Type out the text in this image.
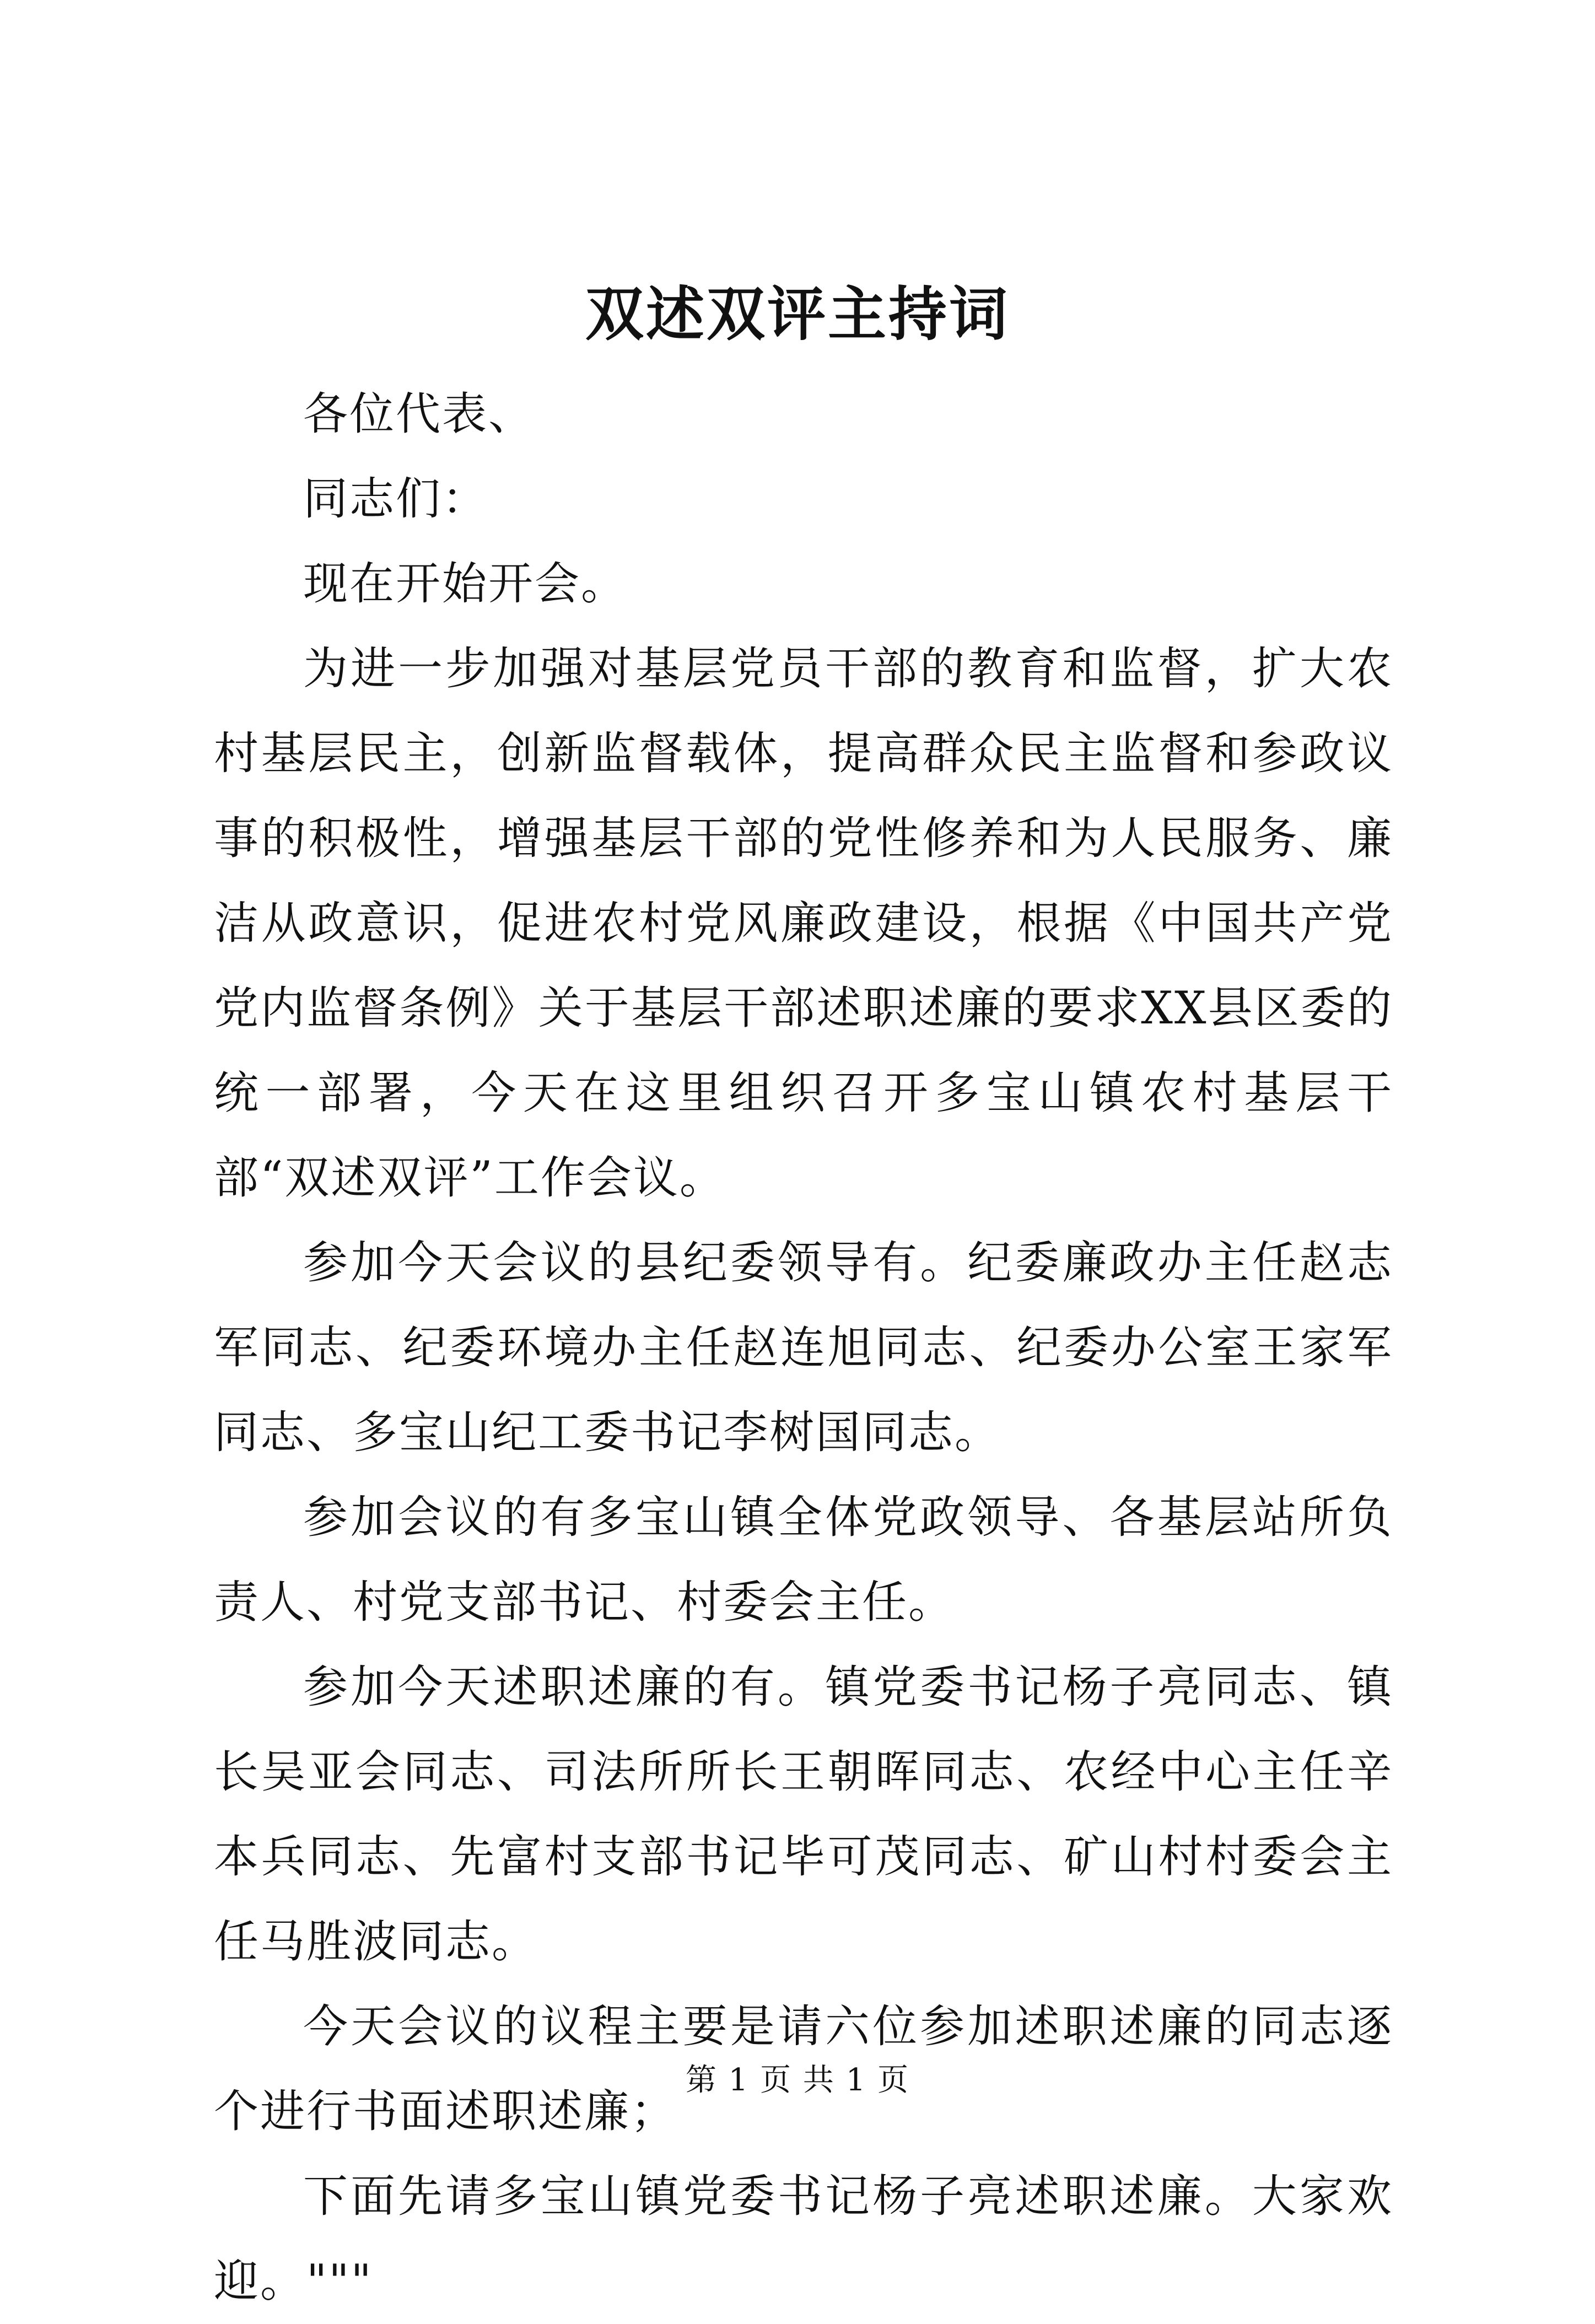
双述双评主持词

各位代表、

同志们：

现在开始开会。

为进一步加强对基层党员干部的教育和监督，扩大农村基层民主，创新监督载体，提高群众民主监督和参政议事的积极性，增强基层干部的党性修养和为人民服务、廉洁从政意识，促进农村党风廉政建设，根据《中国共产党党内监督条例》关于基层干部述职述廉的要求XX县区委的统一部署，今天在这里组织召开多宝山镇农村基层干部“双述双评”工作会议。

参加今天会议的县纪委领导有。纪委廉政办主任赵志军同志、纪委环境办主任赵连旭同志、纪委办公室王家军同志、多宝山纪工委书记李树国同志。

参加会议的有多宝山镇全体党政领导、各基层站所负责人、村党支部书记、村委会主任。

参加今天述职述廉的有。镇党委书记杨子亮同志、镇长吴亚会同志、司法所所长王朝晖同志、农经中心主任辛本兵同志、先富村支部书记毕可茂同志、矿山村村委会主任马胜波同志。

今天会议的议程主要是请六位参加述职述廉的同志逐个进行书面述职述廉；

下面先请多宝山镇党委书记杨子亮述职述廉。大家欢迎。"""

第 1 页 共 1 页
